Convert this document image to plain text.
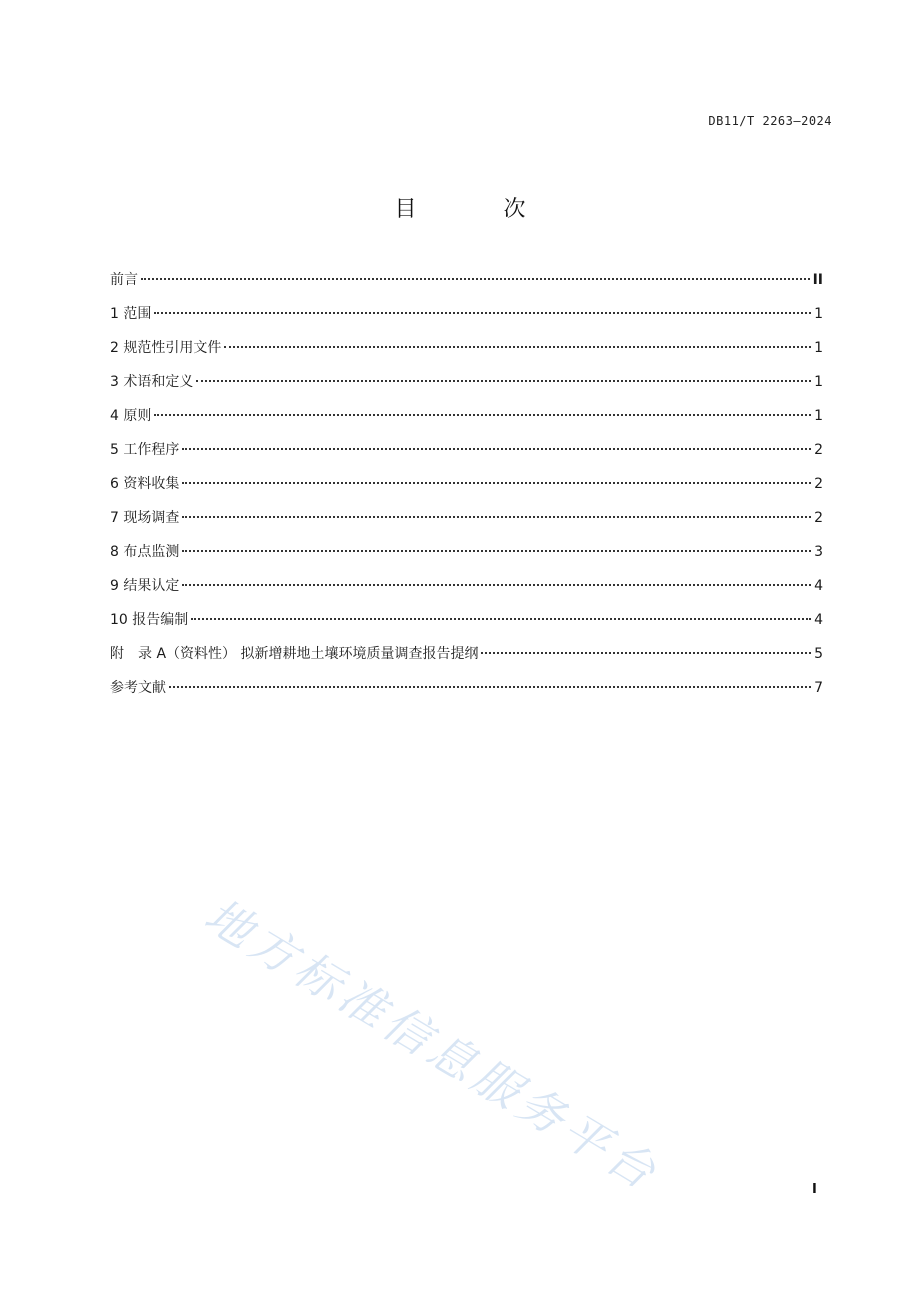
DB11/T 2263—2024
目 次
前言	II
1 范围	1
2 规范性引用文件	1
3 术语和定义	1
4 原则	1
5 工作程序	2
6 资料收集	2
7 现场调查	2
8 布点监测	3
9 结果认定	4
10 报告编制	4
附　录 A（资料性） 拟新增耕地土壤环境质量调查报告提纲	5
参考文献	7
地方标准信息服务平台	I
